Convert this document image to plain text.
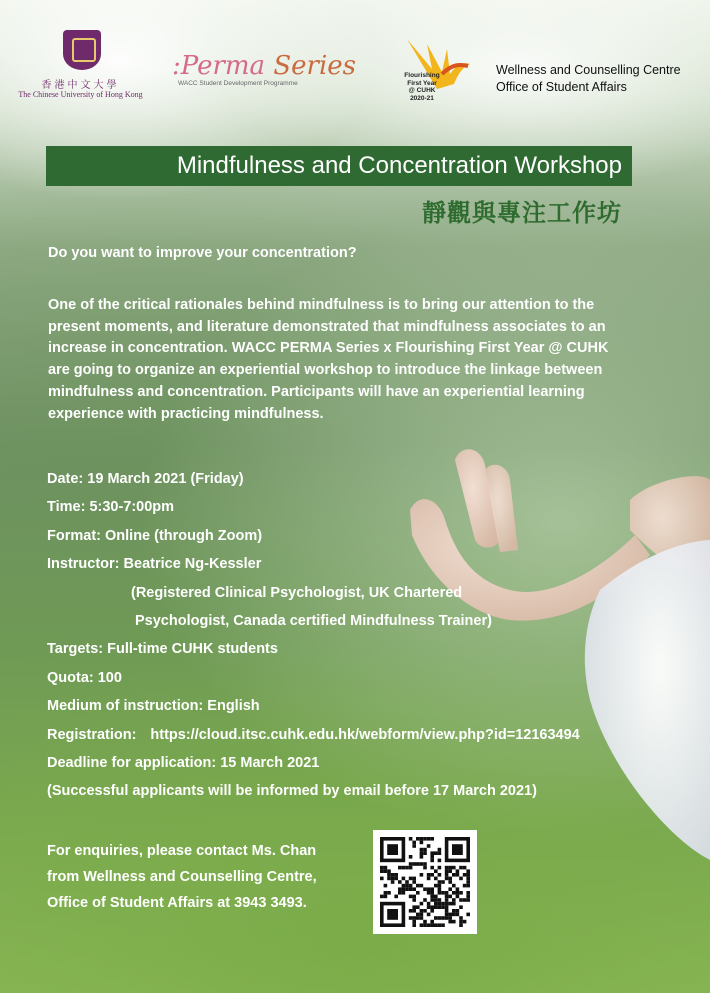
香港中文大學
The Chinese University of Hong Kong
:Perma Series
WACC Student Development Programme
Flourishing
First Year
@ CUHK
2020-21
Wellness and Counselling Centre
Office of Student Affairs
Mindfulness and Concentration Workshop
靜觀與專注工作坊
Do you want to improve your concentration?
One of the critical rationales behind mindfulness is to bring our attention to the
present moments, and literature demonstrated that mindfulness associates to an
increase in concentration. WACC PERMA Series x Flourishing First Year @ CUHK
are going to organize an experiential workshop to introduce the linkage between
mindfulness and concentration. Participants will have an experiential learning
experience with practicing mindfulness.
Date: 19 March 2021 (Friday)
Time: 5:30-7:00pm
Format: Online (through Zoom)
Instructor: Beatrice Ng-Kessler
(Registered Clinical Psychologist, UK Chartered
Psychologist, Canada certified Mindfulness Trainer)
Targets: Full-time CUHK students
Quota: 100
Medium of instruction: English
Registration: https://cloud.itsc.cuhk.edu.hk/webform/view.php?id=12163494
Deadline for application: 15 March 2021
(Successful applicants will be informed by email before 17 March 2021)
For enquiries, please contact Ms. Chan
from Wellness and Counselling Centre,
Office of Student Affairs at 3943 3493.
